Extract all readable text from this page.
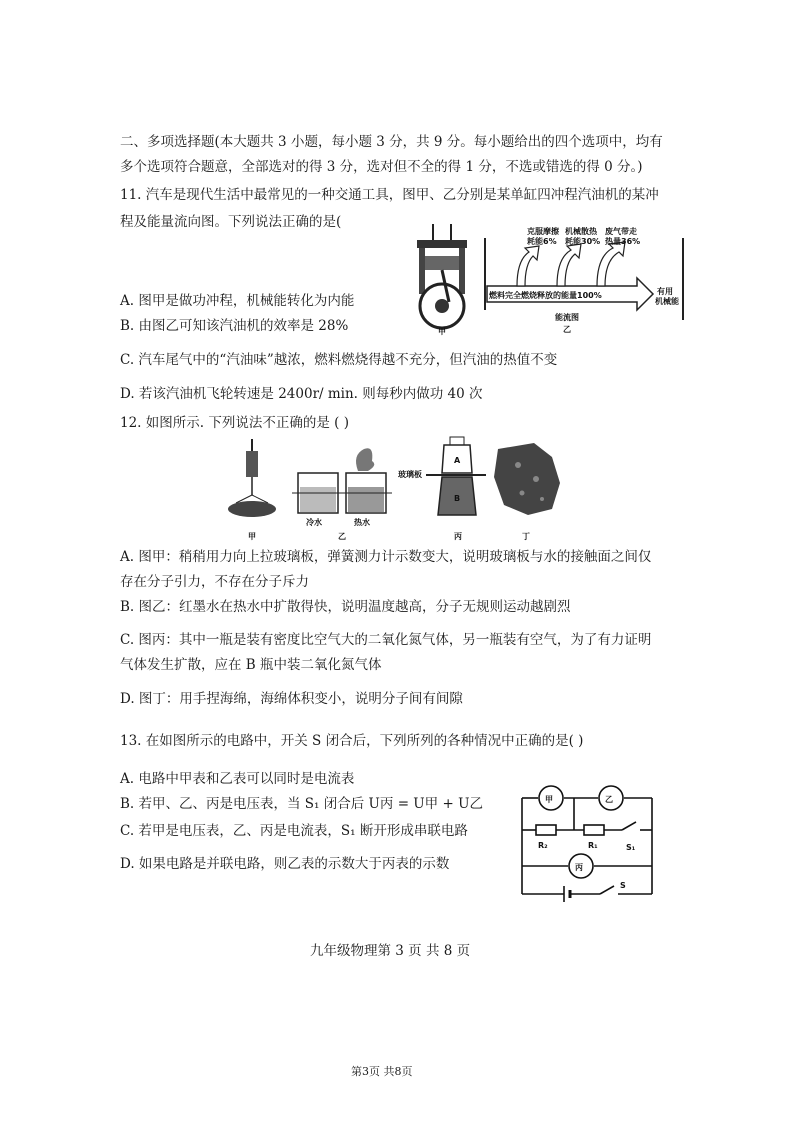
二、多项选择题(本大题共 3 小题，每小题 3 分，共 9 分。每小题给出的四个选项中，均有
多个选项符合题意，全部选对的得 3 分，选对但不全的得 1 分，不选或错选的得 0 分。)
11. 汽车是现代生活中最常见的一种交通工具，图甲、乙分别是某单缸四冲程汽油机的某冲
程及能量流向图。下列说法正确的是(
甲
克服摩擦
耗能6%
机械散热
耗能30%
废气带走
热量36%
燃料完全燃烧释放的能量100%	有用
机械能
能流图
乙
A. 图甲是做功冲程，机械能转化为内能
B. 由图乙可知该汽油机的效率是 28%
C. 汽车尾气中的“汽油味”越浓，燃料燃烧得越不充分，但汽油的热值不变
D. 若该汽油机飞轮转速是 2400r/ min. 则每秒内做功 40 次
12. 如图所示. 下列说法不正确的是 ( )
甲
冷水	热水
乙
玻璃板
A
B
丙	丁
A. 图甲：稍稍用力向上拉玻璃板，弹簧测力计示数变大，说明玻璃板与水的接触面之间仅
存在分子引力，不存在分子斥力
B. 图乙：红墨水在热水中扩散得快，说明温度越高，分子无规则运动越剧烈
C. 图丙：其中一瓶是装有密度比空气大的二氧化氮气体，另一瓶装有空气，为了有力证明
气体发生扩散，应在 B 瓶中装二氧化氮气体
D. 图丁：用手捏海绵，海绵体积变小，说明分子间有间隙
13. 在如图所示的电路中，开关 S 闭合后，下列所列的各种情况中正确的是( )
A. 电路中甲表和乙表可以同时是电流表
B. 若甲、乙、丙是电压表，当 S₁ 闭合后 U丙 = U甲 + U乙
C. 若甲是电压表，乙、丙是电流表，S₁ 断开形成串联电路
D. 如果电路是并联电路，则乙表的示数大于丙表的示数
甲	乙
丙
R₂	R₁	S₁
S
九年级物理第 3 页 共 8 页
第3页 共8页
